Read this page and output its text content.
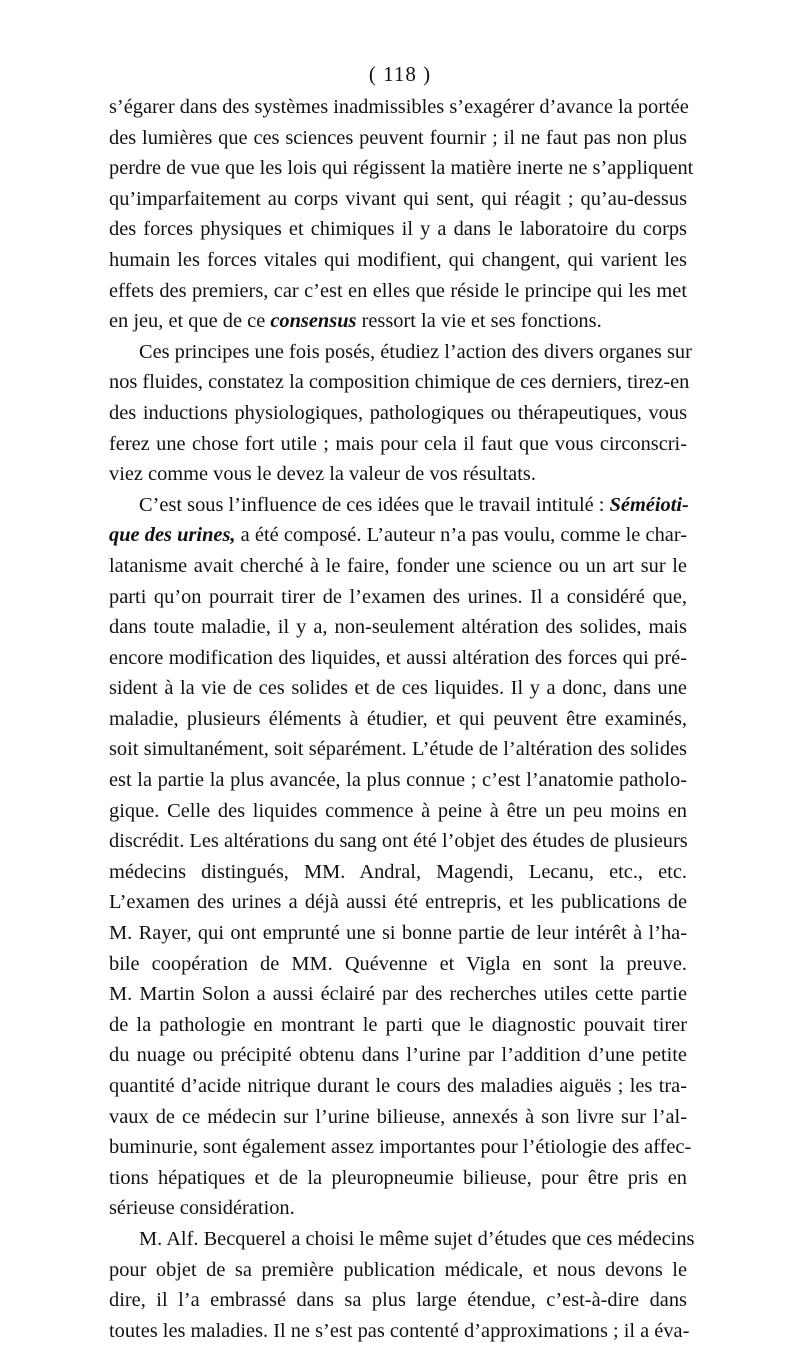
( 118 )
s’égarer dans des systèmes inadmissibles s’exagérer d’avance la portée
des lumières que ces sciences peuvent fournir ; il ne faut pas non plus
perdre de vue que les lois qui régissent la matière inerte ne s’appliquent
qu’imparfaitement au corps vivant qui sent, qui réagit ; qu’au-dessus
des forces physiques et chimiques il y a dans le laboratoire du corps
humain les forces vitales qui modifient, qui changent, qui varient les
effets des premiers, car c’est en elles que réside le principe qui les met
en jeu, et que de ce consensus ressort la vie et ses fonctions.
Ces principes une fois posés, étudiez l’action des divers organes sur
nos fluides, constatez la composition chimique de ces derniers, tirez-en
des inductions physiologiques, pathologiques ou thérapeutiques, vous
ferez une chose fort utile ; mais pour cela il faut que vous circonscri-
viez comme vous le devez la valeur de vos résultats.
C’est sous l’influence de ces idées que le travail intitulé : Séméioti-
que des urines, a été composé. L’auteur n’a pas voulu, comme le char-
latanisme avait cherché à le faire, fonder une science ou un art sur le
parti qu’on pourrait tirer de l’examen des urines. Il a considéré que,
dans toute maladie, il y a, non-seulement altération des solides, mais
encore modification des liquides, et aussi altération des forces qui pré-
sident à la vie de ces solides et de ces liquides. Il y a donc, dans une
maladie, plusieurs éléments à étudier, et qui peuvent être examinés,
soit simultanément, soit séparément. L’étude de l’altération des solides
est la partie la plus avancée, la plus connue ; c’est l’anatomie patholo-
gique. Celle des liquides commence à peine à être un peu moins en
discrédit. Les altérations du sang ont été l’objet des études de plusieurs
médecins distingués, MM. Andral, Magendi, Lecanu, etc., etc.
L’examen des urines a déjà aussi été entrepris, et les publications de
M. Rayer, qui ont emprunté une si bonne partie de leur intérêt à l’ha-
bile coopération de MM. Quévenne et Vigla en sont la preuve.
M. Martin Solon a aussi éclairé par des recherches utiles cette partie
de la pathologie en montrant le parti que le diagnostic pouvait tirer
du nuage ou précipité obtenu dans l’urine par l’addition d’une petite
quantité d’acide nitrique durant le cours des maladies aiguës ; les tra-
vaux de ce médecin sur l’urine bilieuse, annexés à son livre sur l’al-
buminurie, sont également assez importantes pour l’étiologie des affec-
tions hépatiques et de la pleuropneumie bilieuse, pour être pris en
sérieuse considération.
M. Alf. Becquerel a choisi le même sujet d’études que ces médecins
pour objet de sa première publication médicale, et nous devons le
dire, il l’a embrassé dans sa plus large étendue, c’est-à-dire dans
toutes les maladies. Il ne s’est pas contenté d’approximations ; il a éva-
